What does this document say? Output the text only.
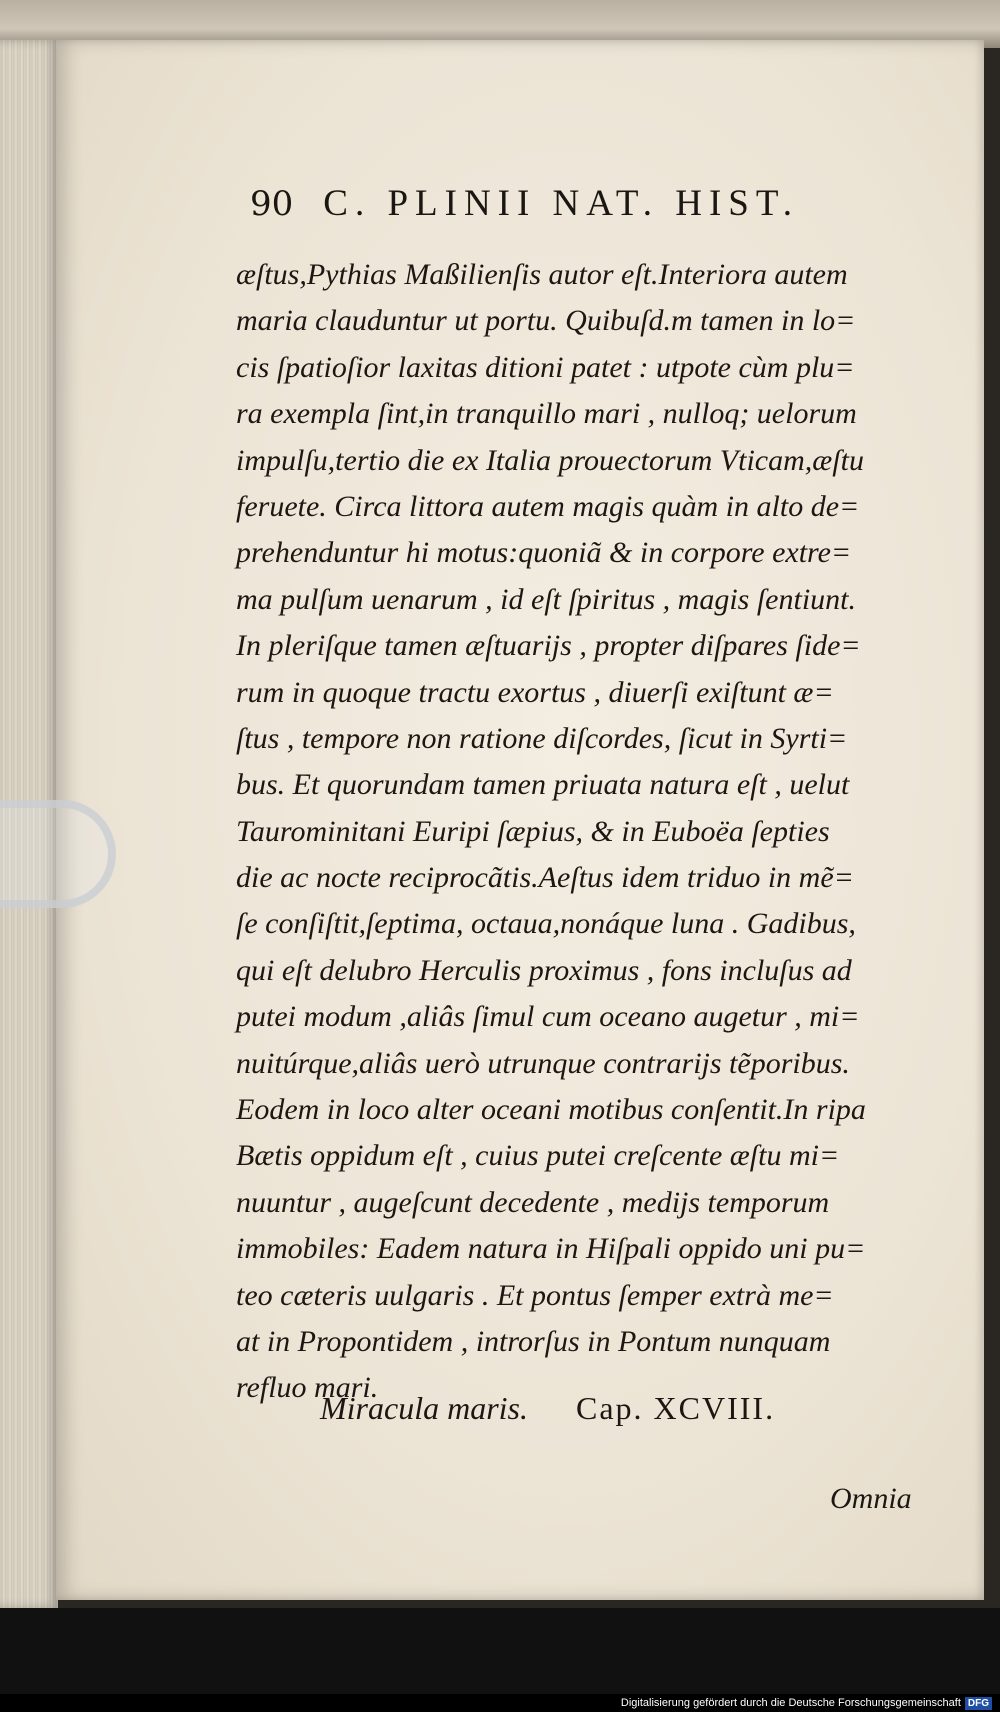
90 C. PLINII NAT. HIST.
æſtus,Pythias Maßilienſis autor eſt.Interiora autem
maria clauduntur ut portu. Quibuſd.m tamen in lo=
cis ſpatioſior laxitas ditioni patet : utpote cùm plu=
ra exempla ſint,in tranquillo mari , nulloq; uelorum
impulſu,tertio die ex Italia prouectorum Vticam,æſtu
feruete. Circa littora autem magis quàm in alto de=
prehenduntur hi motus:quoniã & in corpore extre=
ma pulſum uenarum , id eſt ſpiritus , magis ſentiunt.
In pleriſque tamen æſtuarijs , propter diſpares ſide=
rum in quoque tractu exortus , diuerſi exiſtunt æ=
ſtus , tempore non ratione diſcordes, ſicut in Syrti=
bus. Et quorundam tamen priuata natura eſt , uelut
Taurominitani Euripi ſæpius, & in Euboëa ſepties
die ac nocte reciprocãtis.Aeſtus idem triduo in mẽ=
ſe conſiſtit,ſeptima, octaua,nonáque luna . Gadibus,
qui eſt delubro Herculis proximus , fons incluſus ad
putei modum ,aliâs ſimul cum oceano augetur , mi=
nuitúrque,aliâs uerò utrunque contrarijs tẽporibus.
Eodem in loco alter oceani motibus conſentit.In ripa
Bætis oppidum eſt , cuius putei creſcente æſtu mi=
nuuntur , augeſcunt decedente , medijs temporum
immobiles: Eadem natura in Hiſpali oppido uni pu=
teo cæteris uulgaris . Et pontus ſemper extrà me=
at in Propontidem , introrſus in Pontum nunquam
refluo mari.
Miracula maris. Cap. XCVIII.
Omnia
Digitalisierung gefördert durch die Deutsche Forschungsgemeinschaft DFG
